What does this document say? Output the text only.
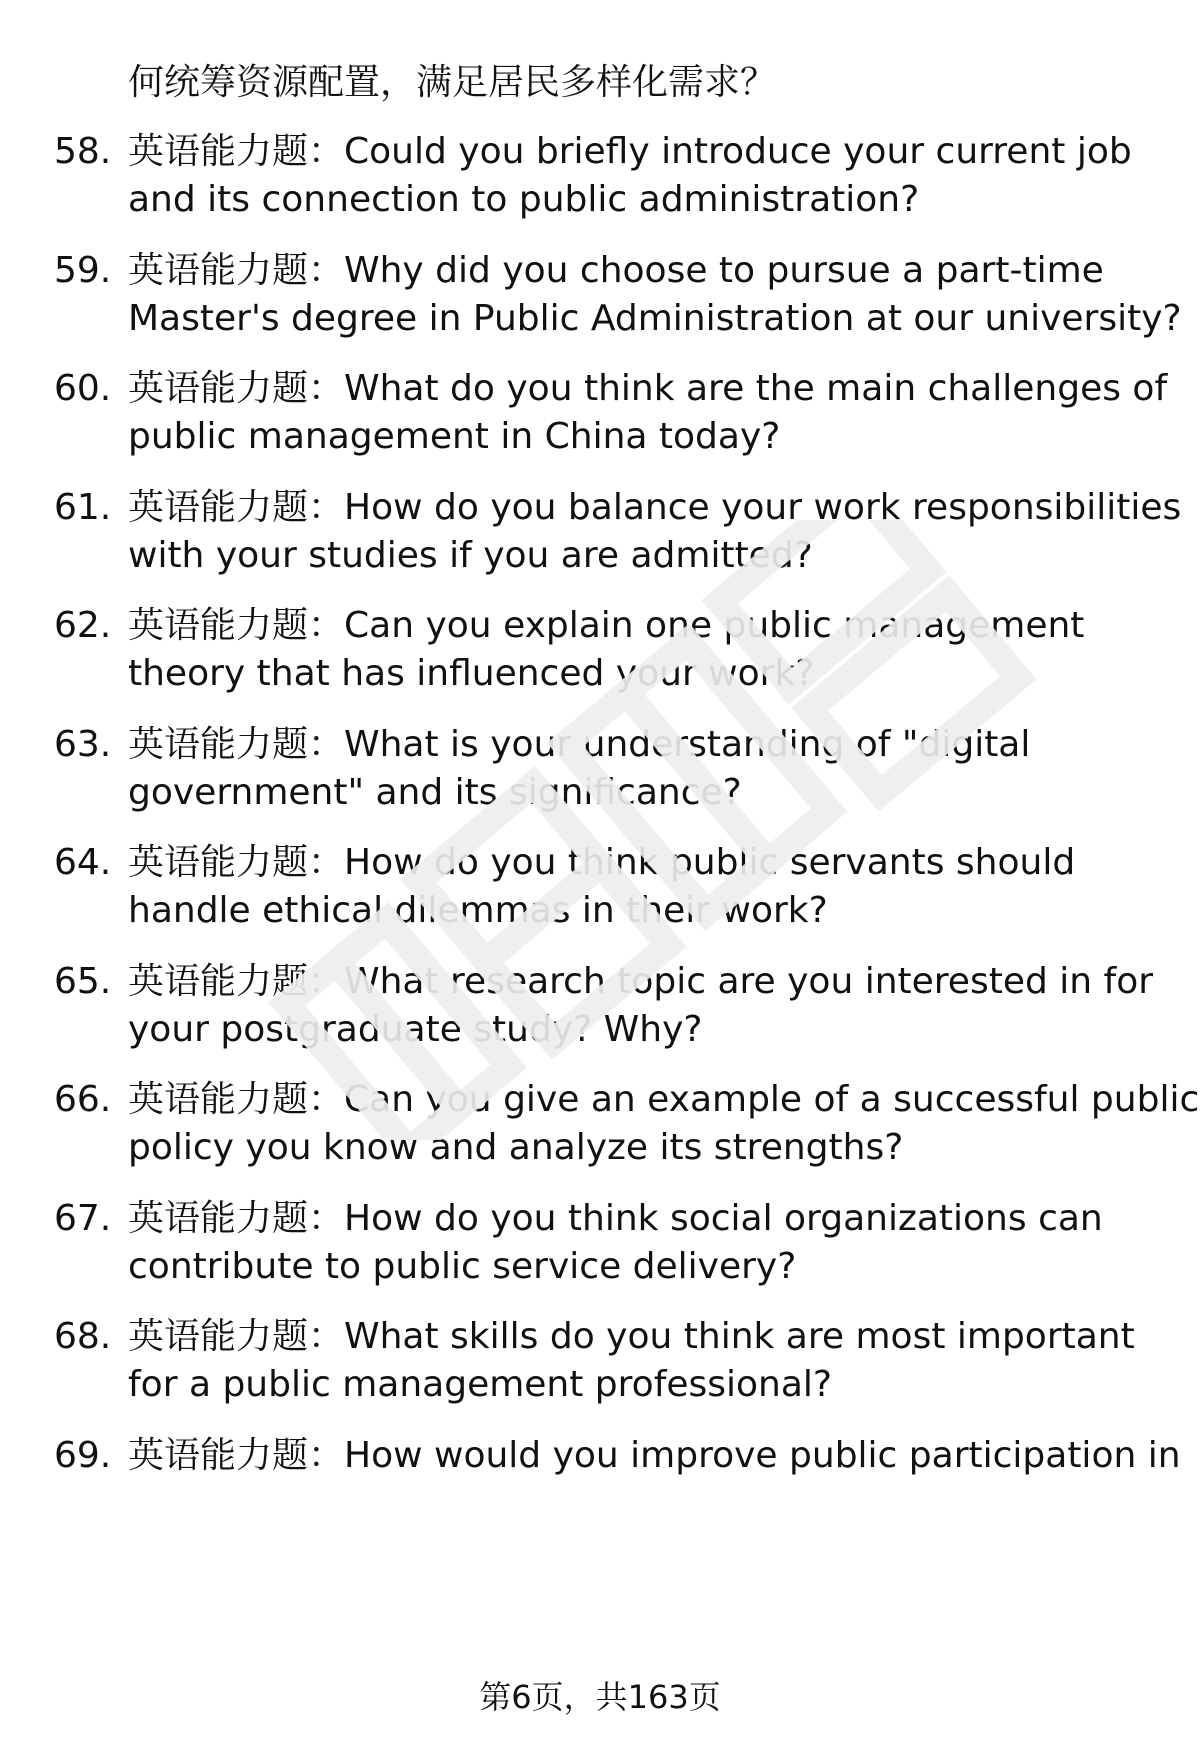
何统筹资源配置，满足居民多样化需求？
58. 英语能力题：Could you briefly introduce your current job
and its connection to public administration?
59. 英语能力题：Why did you choose to pursue a part-time
Master's degree in Public Administration at our university?
60. 英语能力题：What do you think are the main challenges of
public management in China today?
61. 英语能力题：How do you balance your work responsibilities
with your studies if you are admitted?
62. 英语能力题：Can you explain one public management
theory that has influenced your work?
63. 英语能力题：What is your understanding of "digital
government" and its significance?
64. 英语能力题：How do you think public servants should
handle ethical dilemmas in their work?
65. 英语能力题：What research topic are you interested in for
your postgraduate study? Why?
66. 英语能力题：Can you give an example of a successful public
policy you know and analyze its strengths?
67. 英语能力题：How do you think social organizations can
contribute to public service delivery?
68. 英语能力题：What skills do you think are most important
for a public management professional?
69. 英语能力题：How would you improve public participation in
第6页，共163页
